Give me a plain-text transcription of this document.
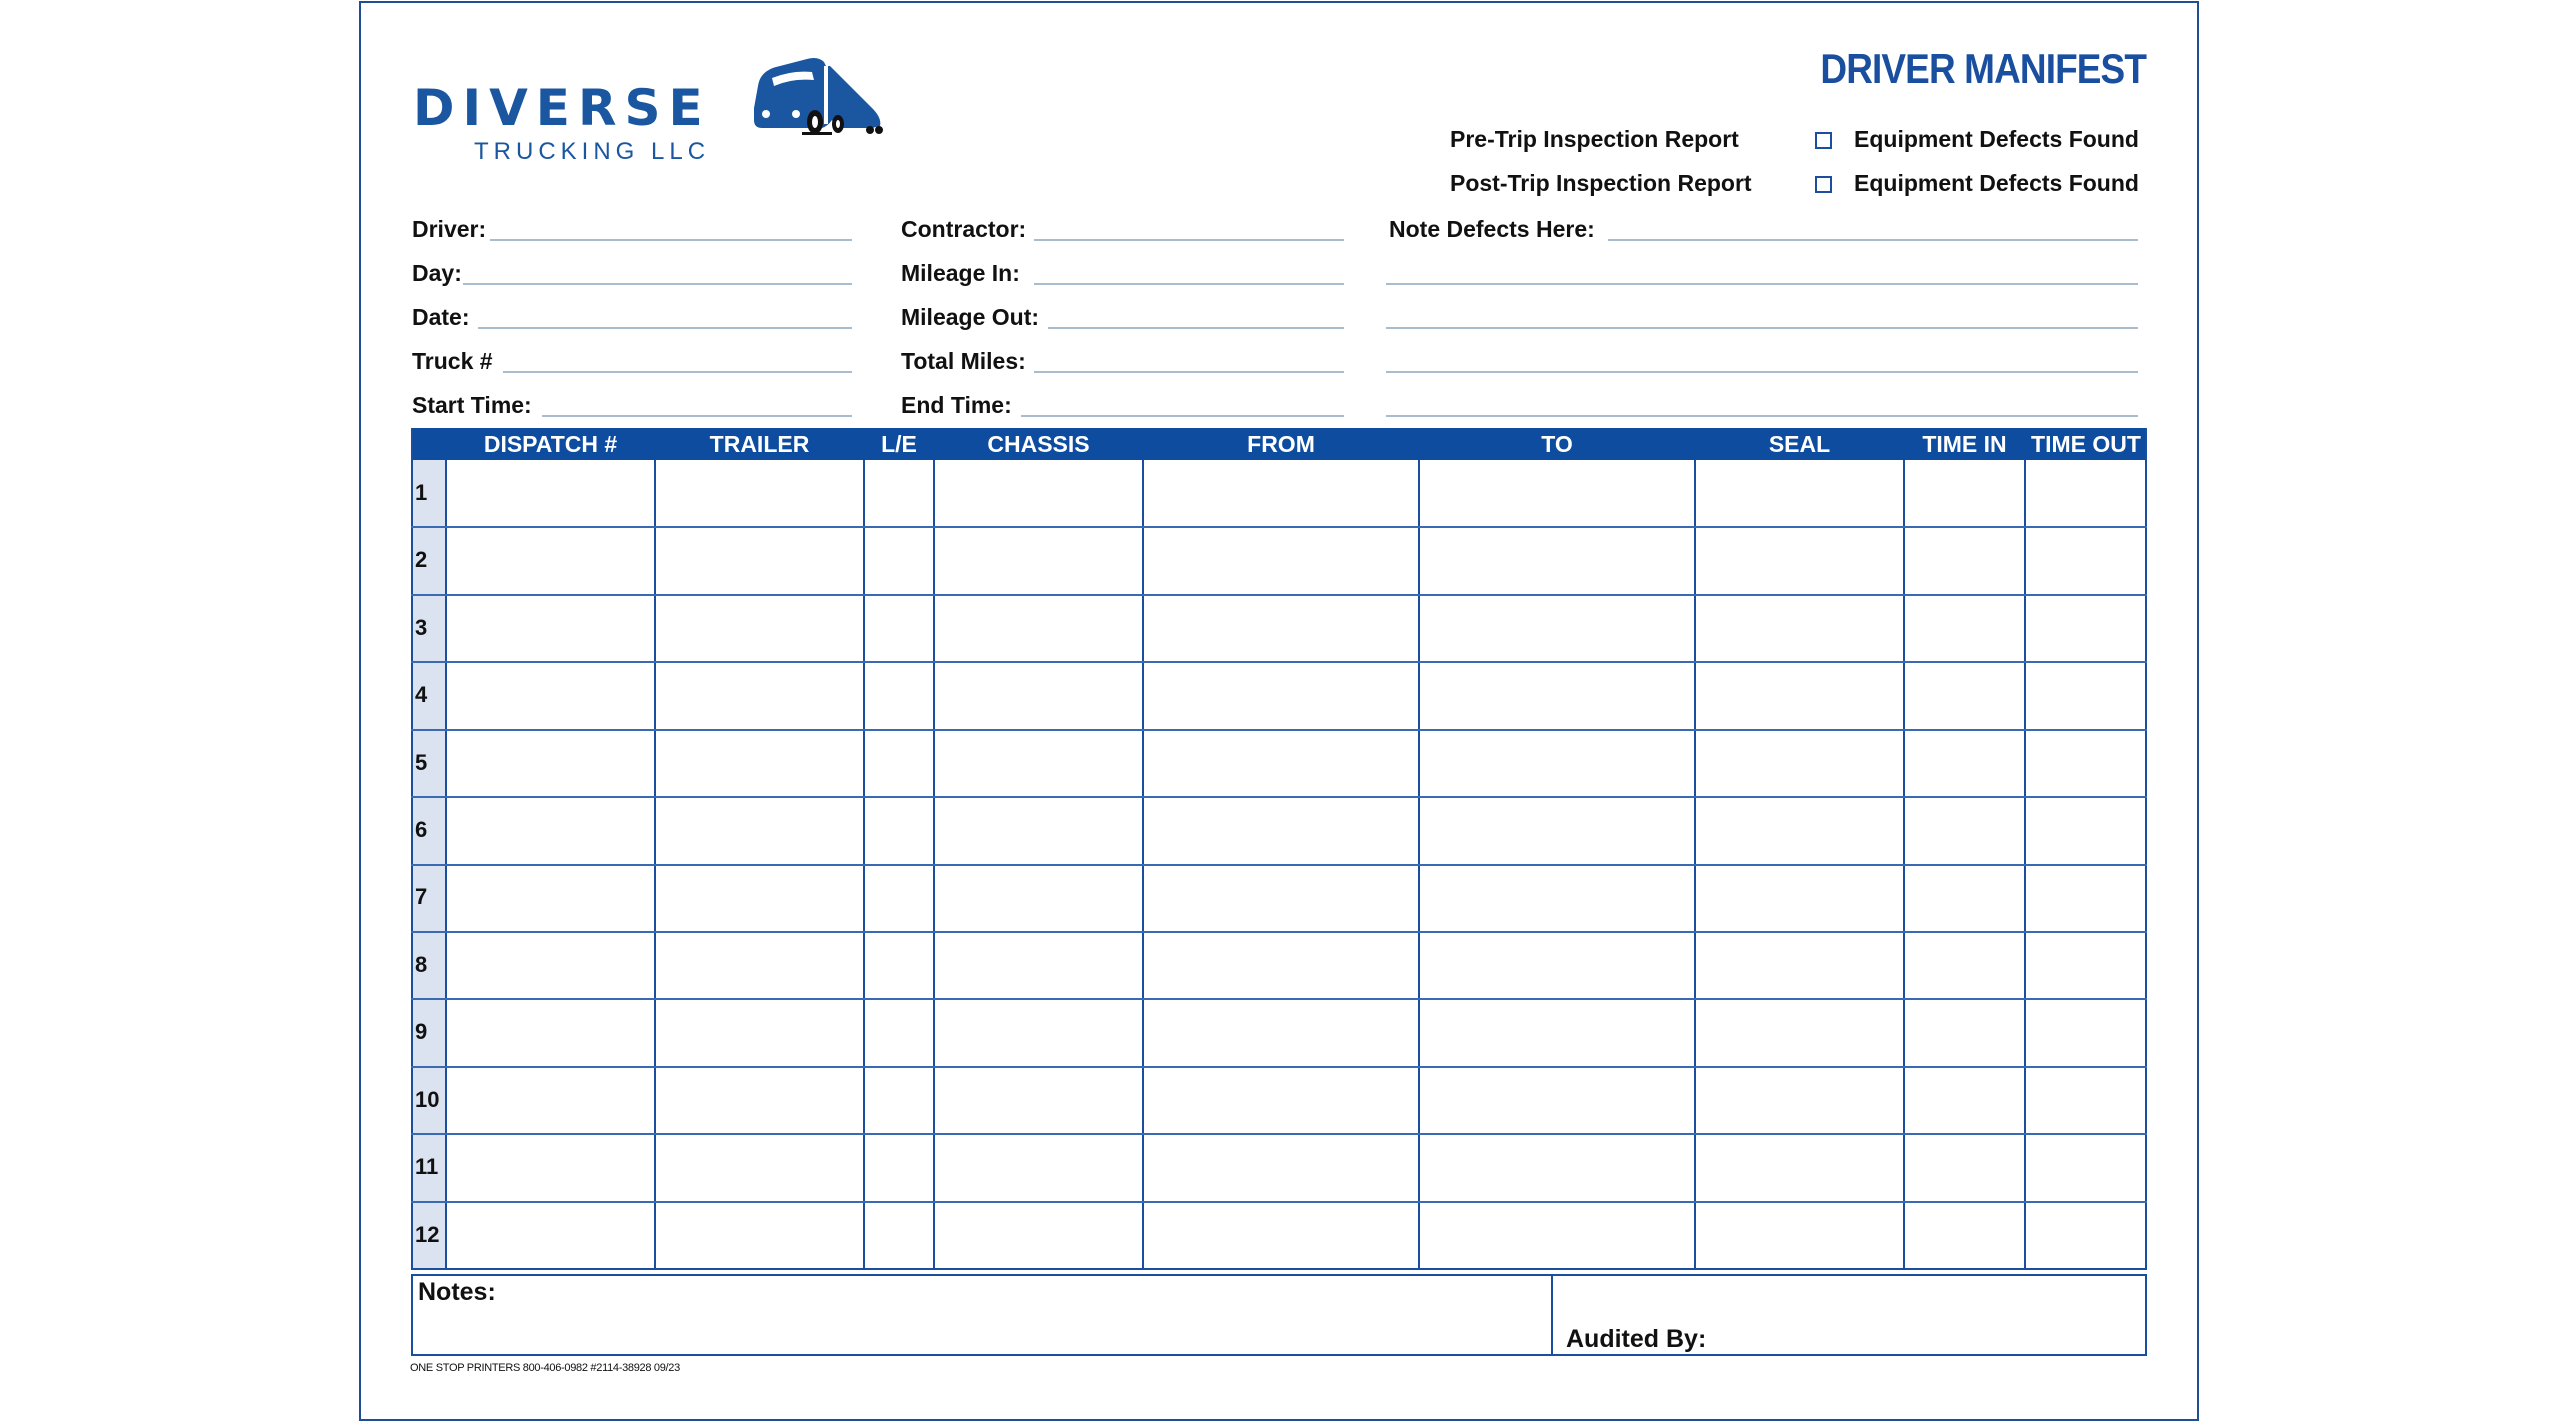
DIVERSE
TRUCKING LLC
DRIVER MANIFEST
Pre-Trip Inspection Report	Equipment Defects Found
Post-Trip Inspection Report	Equipment Defects Found
Driver:
Day:
Date:
Truck #
Start Time:
Contractor:
Mileage In:
Mileage Out:
Total Miles:
End Time:
Note Defects Here:
DISPATCH #	TRAILER	L/E	CHASSIS	FROM	TO	SEAL	TIME IN	TIME OUT
1
2
3
4
5
6
7
8
9
10
11
12
Notes:
Audited By:
ONE STOP PRINTERS 800-406-0982 #2114-38928 09/23
